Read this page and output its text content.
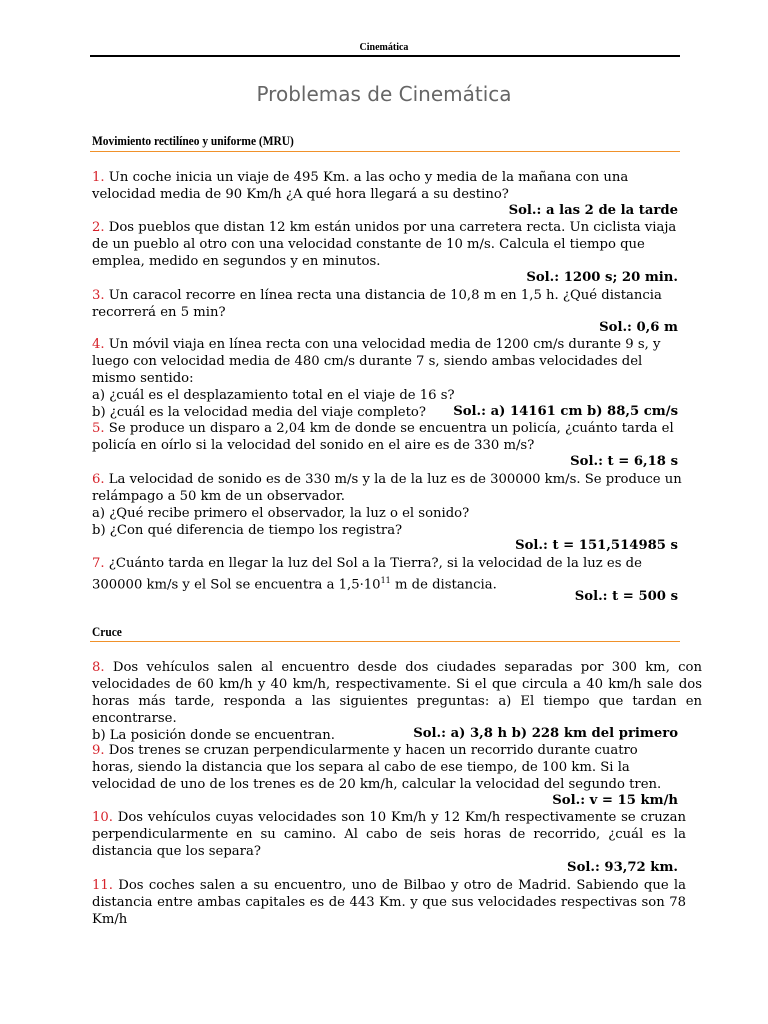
Cinemática
Problemas de Cinemática
Movimiento rectilíneo y uniforme (MRU)
1. Un coche inicia un viaje de 495 Km. a las ocho y media de la mañana con una velocidad media de 90 Km/h ¿A qué hora llegará a su destino?
Sol.: a las 2 de la tarde
2. Dos pueblos que distan 12 km están unidos por una carretera recta. Un ciclista viaja de un pueblo al otro con una velocidad constante de 10 m/s. Calcula el tiempo que emplea, medido en segundos y en minutos.
Sol.: 1200 s; 20 min.
3. Un caracol recorre en línea recta una distancia de 10,8 m en 1,5 h. ¿Qué distancia recorrerá en 5 min?
Sol.: 0,6 m
4. Un móvil viaja en línea recta con una velocidad media de 1200 cm/s durante 9 s, y luego con velocidad media de 480 cm/s durante 7 s, siendo ambas velocidades del mismo sentido:
a) ¿cuál es el desplazamiento total en el viaje de 16 s?
b) ¿cuál es la velocidad media del viaje completo?	Sol.: a) 14161 cm b) 88,5 cm/s
5. Se produce un disparo a 2,04 km de donde se encuentra un policía, ¿cuánto tarda el policía en oírlo si la velocidad del sonido en el aire es de 330 m/s?
Sol.: t = 6,18 s
6. La velocidad de sonido es de 330 m/s y la de la luz es de 300000 km/s. Se produce un relámpago a 50 km de un observador.
a) ¿Qué recibe primero el observador, la luz o el sonido?
b) ¿Con qué diferencia de tiempo los registra?
Sol.: t = 151,514985 s
7. ¿Cuánto tarda en llegar la luz del Sol a la Tierra?, si la velocidad de la luz es de 300000 km/s y el Sol se encuentra a $1,5\cdot 10^{11}$ m de distancia.
Sol.: t = 500 s
Cruce
8. Dos vehículos salen al encuentro desde dos ciudades separadas por 300 km, con velocidades de 60 km/h y 40 km/h, respectivamente. Si el que circula a 40 km/h sale dos horas más tarde, responda a las siguientes preguntas: a) El tiempo que tardan en encontrarse.
b) La posición donde se encuentran.	Sol.: a) 3,8 h b) 228 km del primero
9. Dos trenes se cruzan perpendicularmente y hacen un recorrido durante cuatro horas, siendo la distancia que los separa al cabo de ese tiempo, de 100 km. Si la velocidad de uno de los trenes es de 20 km/h, calcular la velocidad del segundo tren.
Sol.: v = 15 km/h
10. Dos vehículos cuyas velocidades son 10 Km/h y 12 Km/h respectivamente se cruzan perpendicularmente en su camino. Al cabo de seis horas de recorrido, ¿cuál es la distancia que los separa?
Sol.: 93,72 km.
11. Dos coches salen a su encuentro, uno de Bilbao y otro de Madrid. Sabiendo que la distancia entre ambas capitales es de 443 Km. y que sus velocidades respectivas son 78 Km/h
